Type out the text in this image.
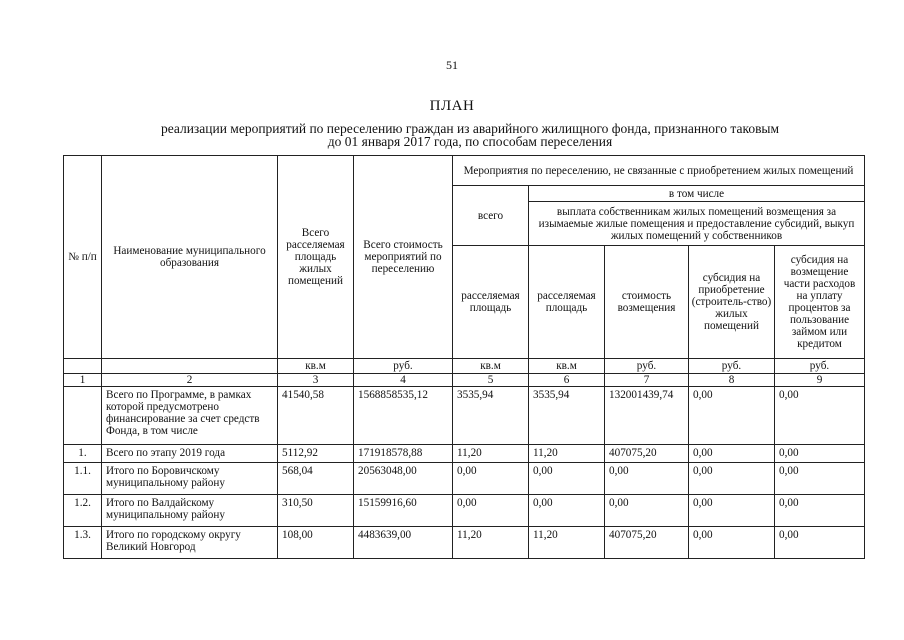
51
ПЛАН
реализации мероприятий по переселению граждан из аварийного жилищного фонда, признанного таковым
до 01 января 2017 года, по способам переселения
№ п/п	Наименование муниципального образования	Всего расселяемая площадь жилых помещений	Всего стоимость мероприятий по переселению	Мероприятия по переселению, не связанные с приобретением жилых помещений				
				всего	в том числе			
					выплата собственникам жилых помещений возмещения за изымаемые жилые помещения и предоставление субсидий, выкуп жилых помещений у собственников			
				расселяемая площадь	расселяемая площадь	стоимость возмещения	субсидия на приобретение (строитель-ство) жилых помещений	субсидия на возмещение части расходов на уплату процентов за пользование займом или кредитом
		кв.м	руб.	кв.м	кв.м	руб.	руб.	руб.
1	2	3	4	5	6	7	8	9
	Всего по Программе, в рамках которой предусмотрено финансирование за счет средств Фонда, в том числе	41540,58	1568858535,12	3535,94	3535,94	132001439,74	0,00	0,00
1.	Всего по этапу 2019 года	5112,92	171918578,88	11,20	11,20	407075,20	0,00	0,00
1.1.	Итого по Боровичскому муниципальному району	568,04	20563048,00	0,00	0,00	0,00	0,00	0,00
1.2.	Итого по Валдайскому муниципальному району	310,50	15159916,60	0,00	0,00	0,00	0,00	0,00
1.3.	Итого по городскому округу Великий Новгород	108,00	4483639,00	11,20	11,20	407075,20	0,00	0,00
